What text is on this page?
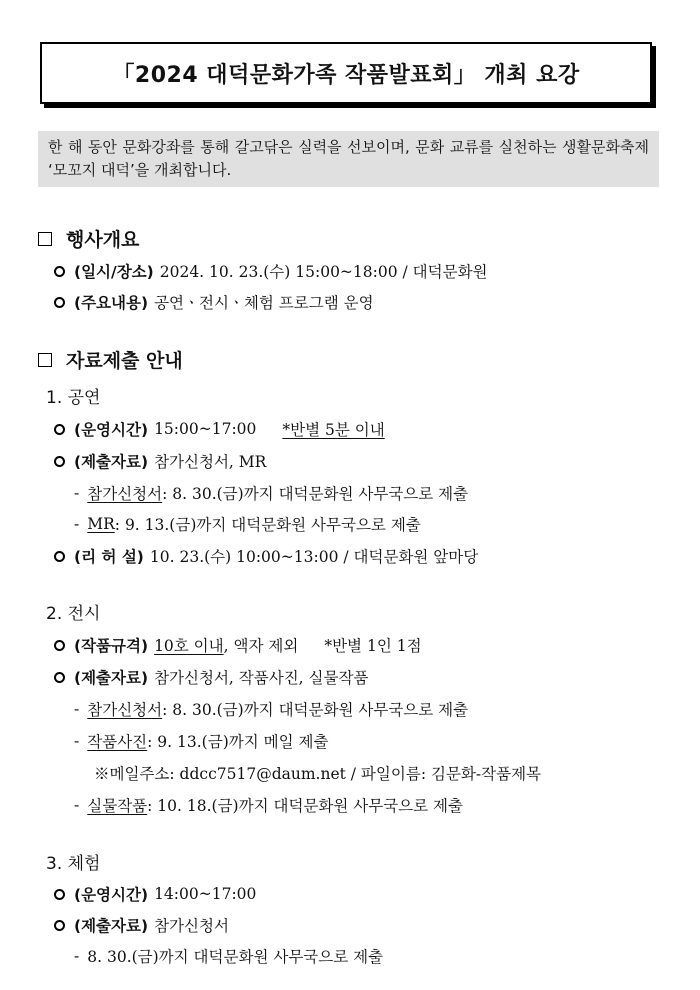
「2024 대덕문화가족 작품발표회」 개최 요강
한 해 동안 문화강좌를 통해 갈고닦은 실력을 선보이며, 문화 교류를 실천하는 생활문화축제 ‘모꼬지 대덕’을 개최합니다.
행사개요
(일시/장소) 2024. 10. 23.(수) 15:00~18:00 / 대덕문화원
(주요내용) 공연ㆍ전시ㆍ체험 프로그램 운영
자료제출 안내
1. 공연
(운영시간) 15:00~17:00 *반별 5분 이내
(제출자료) 참가신청서, MR
- 참가신청서 : 8. 30.(금)까지 대덕문화원 사무국으로 제출
- MR : 9. 13.(금)까지 대덕문화원 사무국으로 제출
(리 허 설) 10. 23.(수) 10:00~13:00 / 대덕문화원 앞마당
2. 전시
(작품규격) 10호 이내 , 액자 제외 *반별 1인 1점
(제출자료) 참가신청서, 작품사진, 실물작품
- 참가신청서 : 8. 30.(금)까지 대덕문화원 사무국으로 제출
- 작품사진 : 9. 13.(금)까지 메일 제출
※메일주소: ddcc7517@daum.net / 파일이름: 김문화-작품제목
- 실물작품 : 10. 18.(금)까지 대덕문화원 사무국으로 제출
3. 체험
(운영시간) 14:00~17:00
(제출자료) 참가신청서
- 8. 30.(금)까지 대덕문화원 사무국으로 제출
